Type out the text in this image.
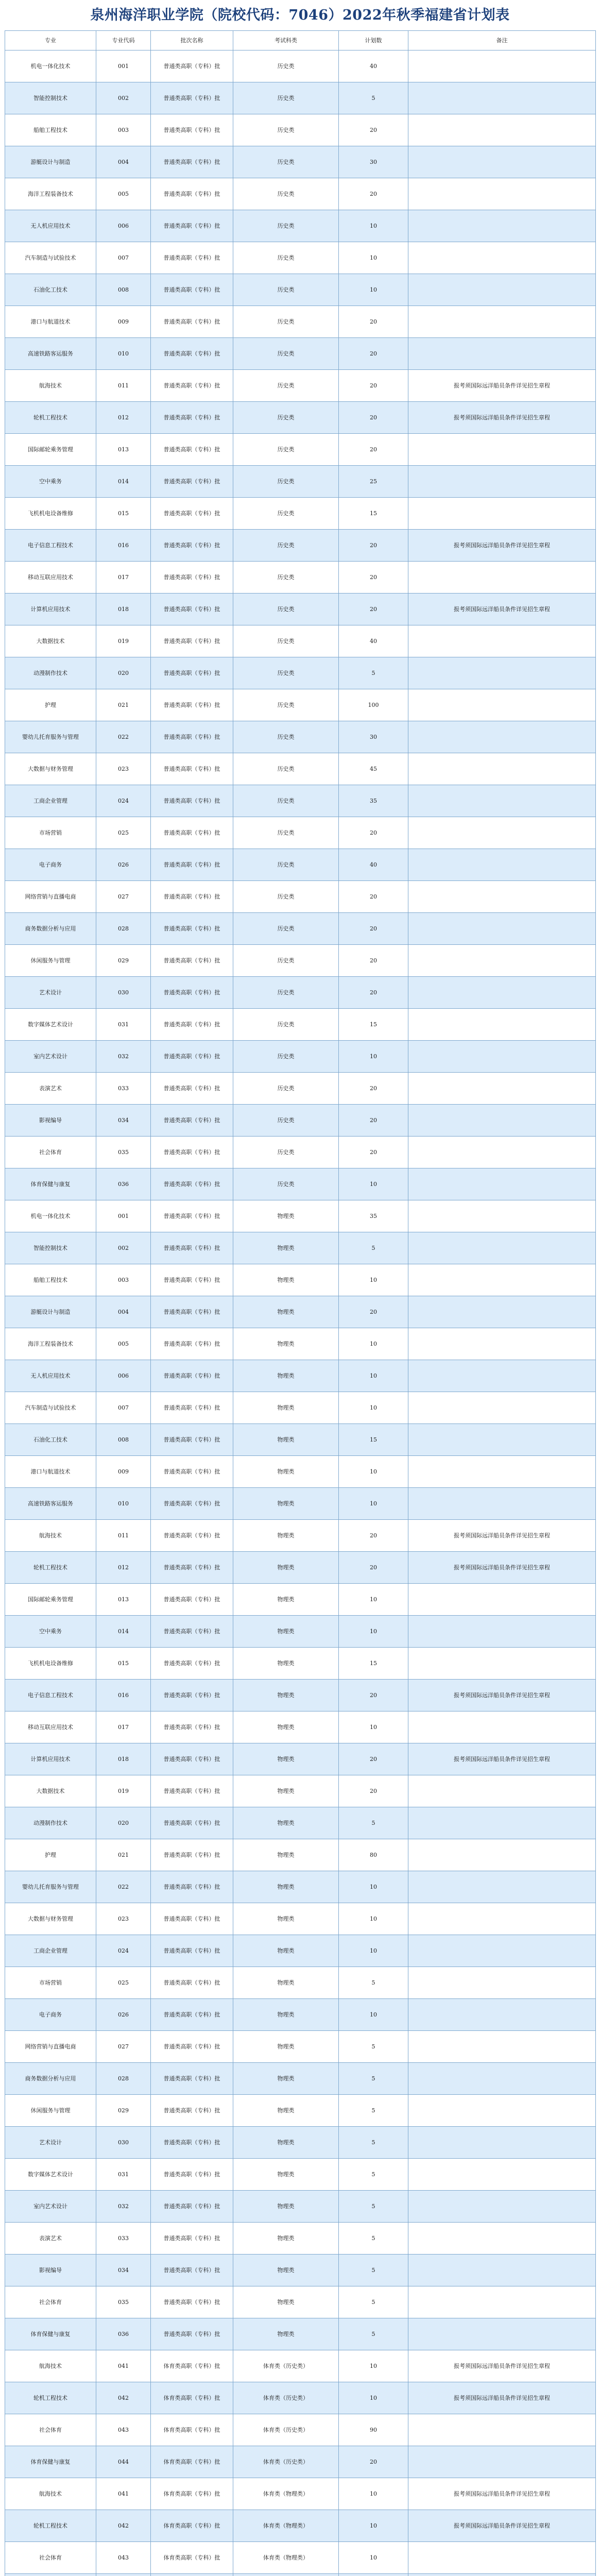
泉州海洋职业学院（院校代码：7046）2022年秋季福建省计划表
专业	专业代码	批次名称	考试科类	计划数	备注
机电一体化技术	001	普通类高职（专科）批	历史类	40	
智能控制技术	002	普通类高职（专科）批	历史类	5	
船舶工程技术	003	普通类高职（专科）批	历史类	20	
游艇设计与制造	004	普通类高职（专科）批	历史类	30	
海洋工程装备技术	005	普通类高职（专科）批	历史类	20	
无人机应用技术	006	普通类高职（专科）批	历史类	10	
汽车制造与试验技术	007	普通类高职（专科）批	历史类	10	
石油化工技术	008	普通类高职（专科）批	历史类	10	
港口与航道技术	009	普通类高职（专科）批	历史类	20	
高速铁路客运服务	010	普通类高职（专科）批	历史类	20	
航海技术	011	普通类高职（专科）批	历史类	20	报考须国际远洋船员条件详见招生章程
轮机工程技术	012	普通类高职（专科）批	历史类	20	报考须国际远洋船员条件详见招生章程
国际邮轮乘务管理	013	普通类高职（专科）批	历史类	20	
空中乘务	014	普通类高职（专科）批	历史类	25	
飞机机电设备维修	015	普通类高职（专科）批	历史类	15	
电子信息工程技术	016	普通类高职（专科）批	历史类	20	报考须国际远洋船员条件详见招生章程
移动互联应用技术	017	普通类高职（专科）批	历史类	20	
计算机应用技术	018	普通类高职（专科）批	历史类	20	报考须国际远洋船员条件详见招生章程
大数据技术	019	普通类高职（专科）批	历史类	40	
动漫制作技术	020	普通类高职（专科）批	历史类	5	
护理	021	普通类高职（专科）批	历史类	100	
婴幼儿托育服务与管理	022	普通类高职（专科）批	历史类	30	
大数据与财务管理	023	普通类高职（专科）批	历史类	45	
工商企业管理	024	普通类高职（专科）批	历史类	35	
市场营销	025	普通类高职（专科）批	历史类	20	
电子商务	026	普通类高职（专科）批	历史类	40	
网络营销与直播电商	027	普通类高职（专科）批	历史类	20	
商务数据分析与应用	028	普通类高职（专科）批	历史类	20	
休闲服务与管理	029	普通类高职（专科）批	历史类	20	
艺术设计	030	普通类高职（专科）批	历史类	20	
数字媒体艺术设计	031	普通类高职（专科）批	历史类	15	
室内艺术设计	032	普通类高职（专科）批	历史类	10	
表演艺术	033	普通类高职（专科）批	历史类	20	
影视编导	034	普通类高职（专科）批	历史类	20	
社会体育	035	普通类高职（专科）批	历史类	20	
体育保健与康复	036	普通类高职（专科）批	历史类	10	
机电一体化技术	001	普通类高职（专科）批	物理类	35	
智能控制技术	002	普通类高职（专科）批	物理类	5	
船舶工程技术	003	普通类高职（专科）批	物理类	10	
游艇设计与制造	004	普通类高职（专科）批	物理类	20	
海洋工程装备技术	005	普通类高职（专科）批	物理类	10	
无人机应用技术	006	普通类高职（专科）批	物理类	10	
汽车制造与试验技术	007	普通类高职（专科）批	物理类	10	
石油化工技术	008	普通类高职（专科）批	物理类	15	
港口与航道技术	009	普通类高职（专科）批	物理类	10	
高速铁路客运服务	010	普通类高职（专科）批	物理类	10	
航海技术	011	普通类高职（专科）批	物理类	20	报考须国际远洋船员条件详见招生章程
轮机工程技术	012	普通类高职（专科）批	物理类	20	报考须国际远洋船员条件详见招生章程
国际邮轮乘务管理	013	普通类高职（专科）批	物理类	10	
空中乘务	014	普通类高职（专科）批	物理类	10	
飞机机电设备维修	015	普通类高职（专科）批	物理类	15	
电子信息工程技术	016	普通类高职（专科）批	物理类	20	报考须国际远洋船员条件详见招生章程
移动互联应用技术	017	普通类高职（专科）批	物理类	10	
计算机应用技术	018	普通类高职（专科）批	物理类	20	报考须国际远洋船员条件详见招生章程
大数据技术	019	普通类高职（专科）批	物理类	20	
动漫制作技术	020	普通类高职（专科）批	物理类	5	
护理	021	普通类高职（专科）批	物理类	80	
婴幼儿托育服务与管理	022	普通类高职（专科）批	物理类	10	
大数据与财务管理	023	普通类高职（专科）批	物理类	10	
工商企业管理	024	普通类高职（专科）批	物理类	10	
市场营销	025	普通类高职（专科）批	物理类	5	
电子商务	026	普通类高职（专科）批	物理类	10	
网络营销与直播电商	027	普通类高职（专科）批	物理类	5	
商务数据分析与应用	028	普通类高职（专科）批	物理类	5	
休闲服务与管理	029	普通类高职（专科）批	物理类	5	
艺术设计	030	普通类高职（专科）批	物理类	5	
数字媒体艺术设计	031	普通类高职（专科）批	物理类	5	
室内艺术设计	032	普通类高职（专科）批	物理类	5	
表演艺术	033	普通类高职（专科）批	物理类	5	
影视编导	034	普通类高职（专科）批	物理类	5	
社会体育	035	普通类高职（专科）批	物理类	5	
体育保健与康复	036	普通类高职（专科）批	物理类	5	
航海技术	041	体育类高职（专科）批	体育类（历史类）	10	报考须国际远洋船员条件详见招生章程
轮机工程技术	042	体育类高职（专科）批	体育类（历史类）	10	报考须国际远洋船员条件详见招生章程
社会体育	043	体育类高职（专科）批	体育类（历史类）	90	
体育保健与康复	044	体育类高职（专科）批	体育类（历史类）	20	
航海技术	041	体育类高职（专科）批	体育类（物理类）	10	报考须国际远洋船员条件详见招生章程
轮机工程技术	042	体育类高职（专科）批	体育类（物理类）	10	报考须国际远洋船员条件详见招生章程
社会体育	043	体育类高职（专科）批	体育类（物理类）	10	
